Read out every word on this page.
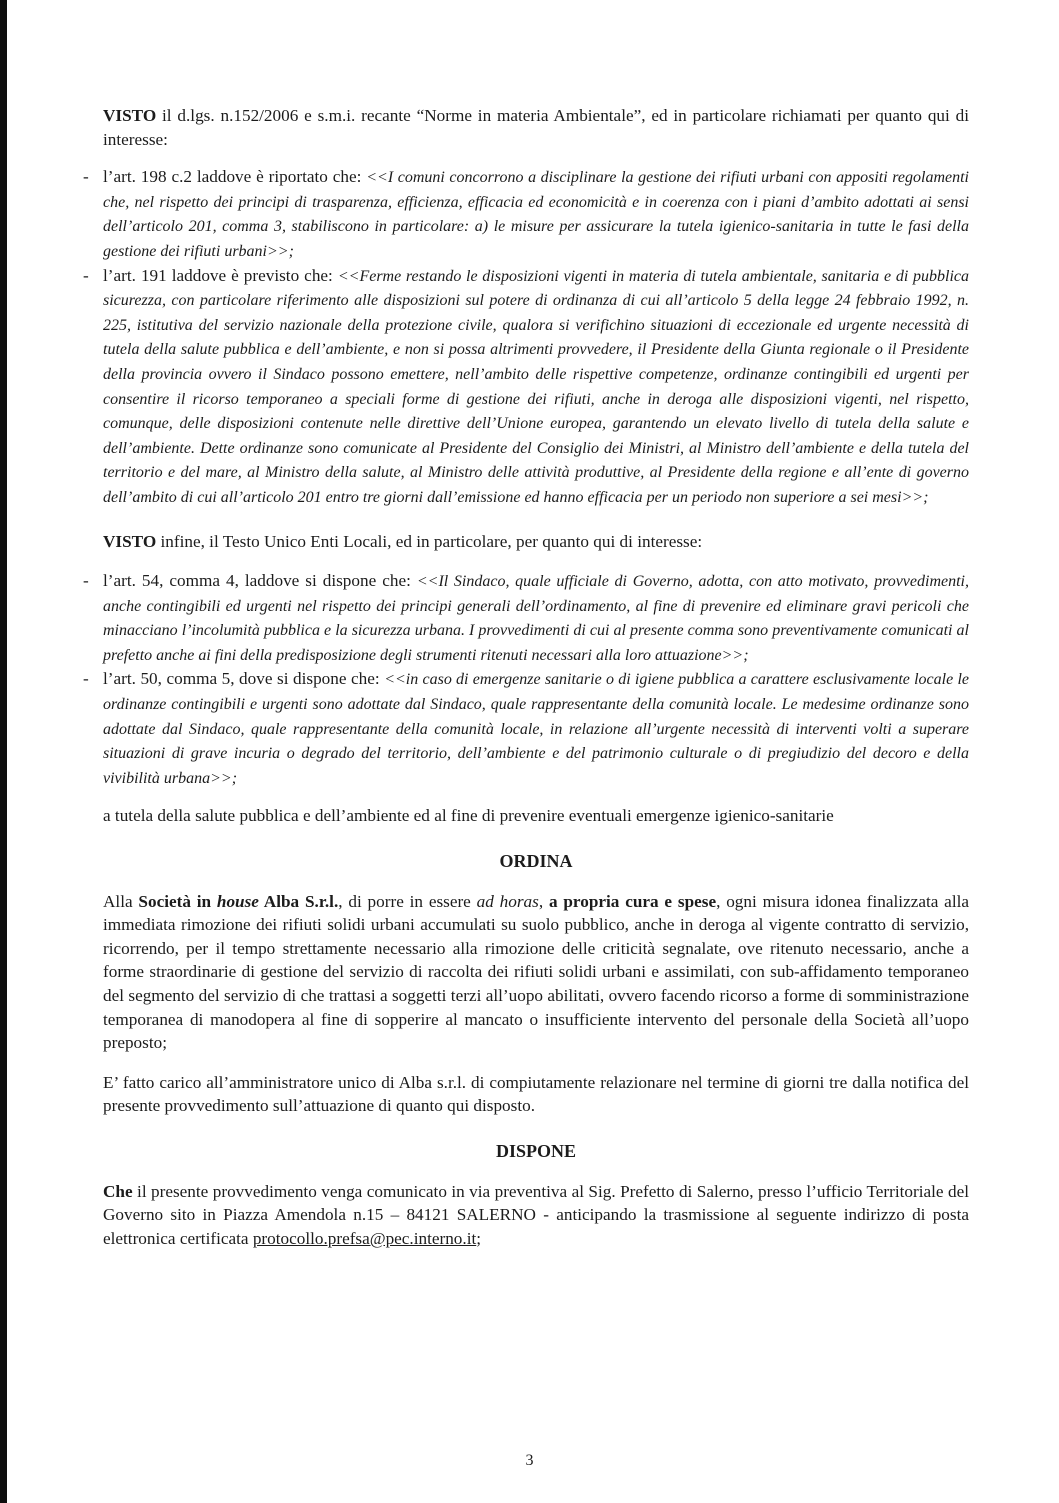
VISTO il d.lgs. n.152/2006 e s.m.i. recante “Norme in materia Ambientale”, ed in particolare richiamati per quanto qui di interesse:

- l’art. 198 c.2 laddove è riportato che: <<I comuni concorrono a disciplinare la gestione dei rifiuti urbani con appositi regolamenti che, nel rispetto dei principi di trasparenza, efficienza, efficacia ed economicità e in coerenza con i piani d’ambito adottati ai sensi dell’articolo 201, comma 3, stabiliscono in particolare: a) le misure per assicurare la tutela igienico-sanitaria in tutte le fasi della gestione dei rifiuti urbani>>;
- l’art. 191 laddove è previsto che: <<Ferme restando le disposizioni vigenti in materia di tutela ambientale, sanitaria e di pubblica sicurezza, con particolare riferimento alle disposizioni sul potere di ordinanza di cui all’articolo 5 della legge 24 febbraio 1992, n. 225, istitutiva del servizio nazionale della protezione civile, qualora si verifichino situazioni di eccezionale ed urgente necessità di tutela della salute pubblica e dell’ambiente, e non si possa altrimenti provvedere, il Presidente della Giunta regionale o il Presidente della provincia ovvero il Sindaco possono emettere, nell’ambito delle rispettive competenze, ordinanze contingibili ed urgenti per consentire il ricorso temporaneo a speciali forme di gestione dei rifiuti, anche in deroga alle disposizioni vigenti, nel rispetto, comunque, delle disposizioni contenute nelle direttive dell’Unione europea, garantendo un elevato livello di tutela della salute e dell’ambiente. Dette ordinanze sono comunicate al Presidente del Consiglio dei Ministri, al Ministro dell’ambiente e della tutela del territorio e del mare, al Ministro della salute, al Ministro delle attività produttive, al Presidente della regione e all’ente di governo dell’ambito di cui all’articolo 201 entro tre giorni dall’emissione ed hanno efficacia per un periodo non superiore a sei mesi>>;

VISTO infine, il Testo Unico Enti Locali, ed in particolare, per quanto qui di interesse:

- l’art. 54, comma 4, laddove si dispone che: <<Il Sindaco, quale ufficiale di Governo, adotta, con atto motivato, provvedimenti, anche contingibili ed urgenti nel rispetto dei principi generali dell’ordinamento, al fine di prevenire ed eliminare gravi pericoli che minacciano l’incolumità pubblica e la sicurezza urbana. I provvedimenti di cui al presente comma sono preventivamente comunicati al prefetto anche ai fini della predisposizione degli strumenti ritenuti necessari alla loro attuazione>>;
- l’art. 50, comma 5, dove si dispone che: <<in caso di emergenze sanitarie o di igiene pubblica a carattere esclusivamente locale le ordinanze contingibili e urgenti sono adottate dal Sindaco, quale rappresentante della comunità locale. Le medesime ordinanze sono adottate dal Sindaco, quale rappresentante della comunità locale, in relazione all’urgente necessità di interventi volti a superare situazioni di grave incuria o degrado del territorio, dell’ambiente e del patrimonio culturale o di pregiudizio del decoro e della vivibilità urbana>>;

a tutela della salute pubblica e dell’ambiente ed al fine di prevenire eventuali emergenze igienico-sanitarie

ORDINA

Alla Società in house Alba S.r.l., di porre in essere ad horas, a propria cura e spese, ogni misura idonea finalizzata alla immediata rimozione dei rifiuti solidi urbani accumulati su suolo pubblico, anche in deroga al vigente contratto di servizio, ricorrendo, per il tempo strettamente necessario alla rimozione delle criticità segnalate, ove ritenuto necessario, anche a forme straordinarie di gestione del servizio di raccolta dei rifiuti solidi urbani e assimilati, con sub-affidamento temporaneo del segmento del servizio di che trattasi a soggetti terzi all’uopo abilitati, ovvero facendo ricorso a forme di somministrazione temporanea di manodopera al fine di sopperire al mancato o insufficiente intervento del personale della Società all’uopo preposto;

E’ fatto carico all’amministratore unico di Alba s.r.l. di compiutamente relazionare nel termine di giorni tre dalla notifica del presente provvedimento sull’attuazione di quanto qui disposto.

DISPONE

Che il presente provvedimento venga comunicato in via preventiva al Sig. Prefetto di Salerno, presso l’ufficio Territoriale del Governo sito in Piazza Amendola n.15 – 84121 SALERNO - anticipando la trasmissione al seguente indirizzo di posta elettronica certificata protocollo.prefsa@pec.interno.it;

3
